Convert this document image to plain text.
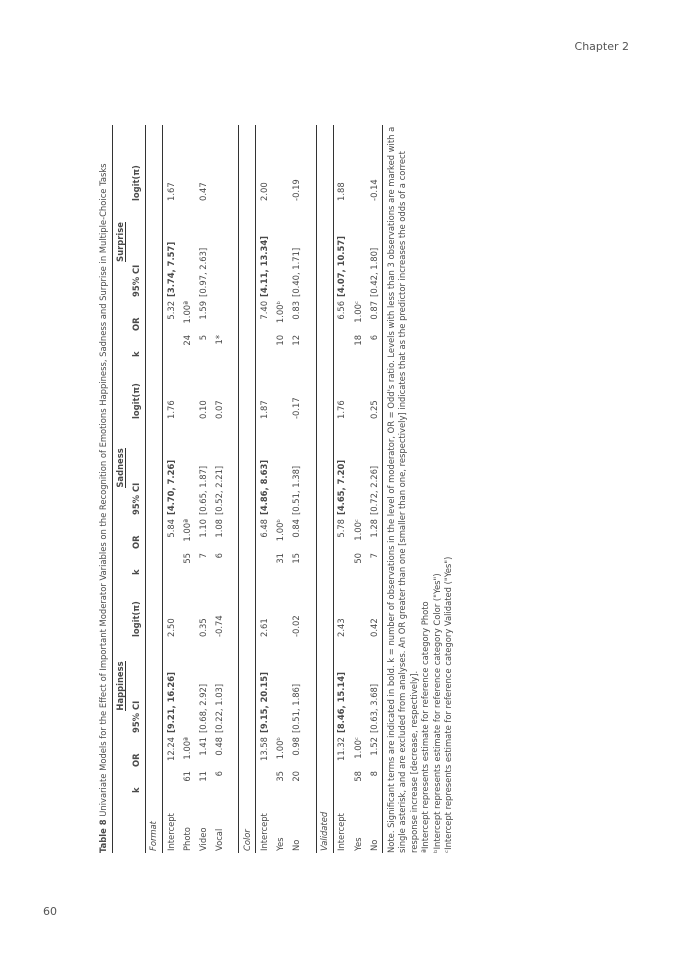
Chapter 2
60

Table 8 Univariate Models for the Effect of Important Moderator Variables on the Recognition of Emotions Happiness, Sadness and Surprise in Multiple-Choice Tasks

	Happiness				Sadness				Surprise			
	k	OR	95% CI	logit(π)	k	OR	95% CI	logit(π)	k	OR	95% CI	logit(π)
Format												
Intercept		12.24	[9.21, 16.26]	2.50		5.84	[4.70, 7.26]	1.76		5.32	[3.74, 7.57]	1.67
Photo	61	1.00ª			55	1.00ª			24	1.00ª		
Video	11	1.41	[0.68, 2.92]	0.35	7	1.10	[0.65, 1.87]	0.10	5	1.59	[0.97, 2.63]	0.47
Vocal	6	0.48	[0.22, 1.03]	-0.74	6	1.08	[0.52, 2.21]	0.07	1*			

Color												
Intercept		13.58	[9.15, 20.15]	2.61		6.48	[4.86, 8.63]	1.87		7.40	[4.11, 13.34]	2.00
Yes	35	1.00ᵇ			31	1.00ᵇ			10	1.00ᵇ		
No	20	0.98	[0.51, 1.86]	-0.02	15	0.84	[0.51, 1.38]	-0.17	12	0.83	[0.40, 1.71]	-0.19

Validated												
Intercept		11.32	[8.46, 15.14]	2.43		5.78	[4.65, 7.20]	1.76		6.56	[4.07, 10.57]	1.88
Yes	58	1.00ᶜ			50	1.00ᶜ			18	1.00ᶜ		
No	8	1.52	[0.63, 3.68]	0.42	7	1.28	[0.72, 2.26]	0.25	6	0.87	[0.42, 1.80]	-0.14 Note. Significant terms are indicated in bold. k = number of observations in the level of moderator, OR = Odd's ratio. Levels with less than 3 observations are marked with a single asterisk, and are excluded from analyses. An OR greater than one [smaller than one, respectively] indicates that as the predictor increases the odds of a correct response increase [decrease, respectively]. ªIntercept represents estimate for reference category Photo ᵇIntercept represents estimate for reference category Color ("Yes") ᶜIntercept represents estimate for reference category Validated ("Yes")
